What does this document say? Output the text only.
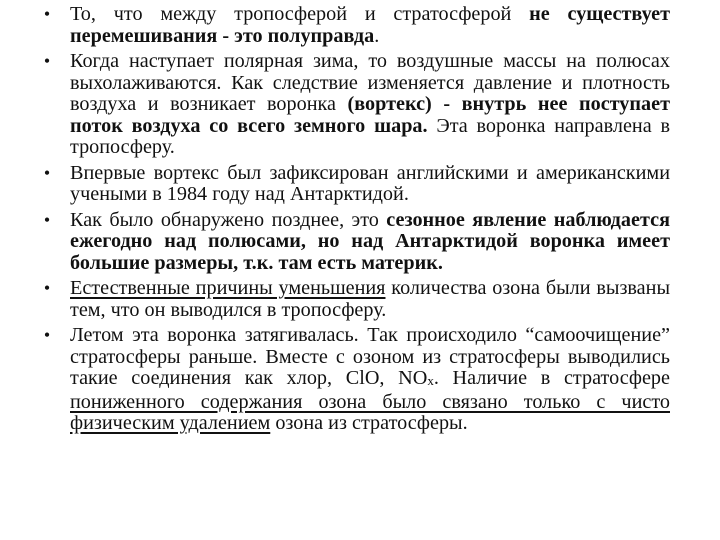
• То, что между тропосферой и стратосферой не существует перемешивания - это полуправда.
• Когда наступает полярная зима, то воздушные массы на полюсах выхолаживаются. Как следствие изменяется давление и плотность воздуха и возникает воронка (вортекс) - внутрь нее поступает поток воздуха со всего земного шара. Эта воронка направлена в тропосферу.
• Впервые вортекс был зафиксирован английскими и американскими учеными в 1984 году над Антарктидой.
• Как было обнаружено позднее, это сезонное явление наблюдается ежегодно над полюсами, но над Антарктидой воронка имеет большие размеры, т.к. там есть материк.
• Естественные причины уменьшения количества озона были вызваны тем, что он выводился в тропосферу.
• Летом эта воронка затягивалась. Так происходило “самоочищение” стратосферы раньше. Вместе с озоном из стратосферы выводились такие соединения как хлор, ClO, NOx. Наличие в стратосфере пониженного содержания озона было связано только с чисто физическим удалением озона из стратосферы.
